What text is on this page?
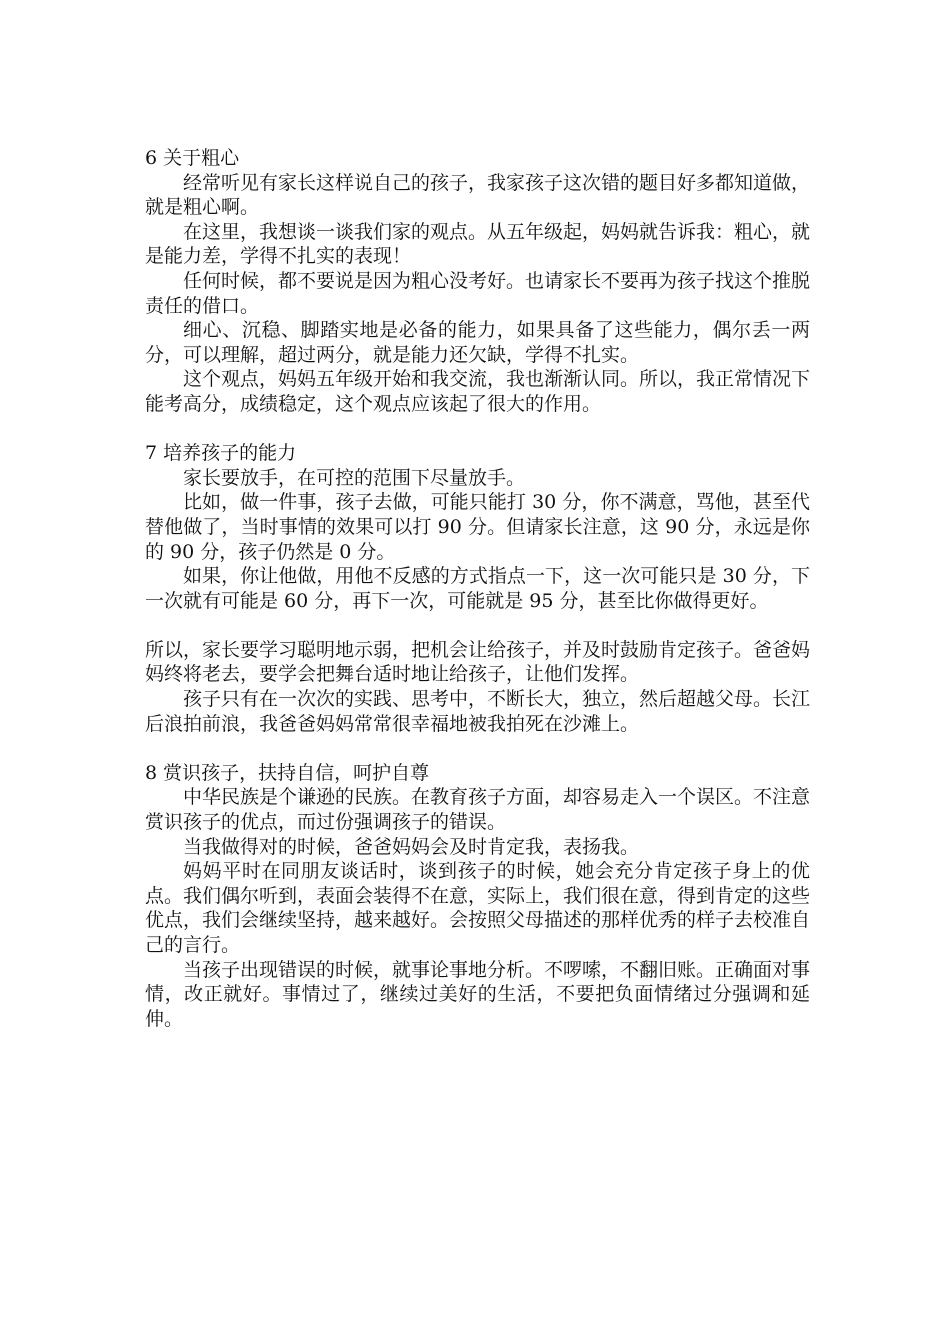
6 关于粗心

经常听见有家长这样说自己的孩子，我家孩子这次错的题目好多都知道做，就是粗心啊。

在这里，我想谈一谈我们家的观点。从五年级起，妈妈就告诉我：粗心，就是能力差，学得不扎实的表现！

任何时候，都不要说是因为粗心没考好。也请家长不要再为孩子找这个推脱责任的借口。

细心、沉稳、脚踏实地是必备的能力，如果具备了这些能力，偶尔丢一两分，可以理解，超过两分，就是能力还欠缺，学得不扎实。

这个观点，妈妈五年级开始和我交流，我也渐渐认同。所以，我正常情况下能考高分，成绩稳定，这个观点应该起了很大的作用。

7 培养孩子的能力

家长要放手，在可控的范围下尽量放手。

比如，做一件事，孩子去做，可能只能打 30 分，你不满意，骂他，甚至代替他做了，当时事情的效果可以打 90 分。但请家长注意，这 90 分，永远是你的 90 分，孩子仍然是 0 分。

如果，你让他做，用他不反感的方式指点一下，这一次可能只是 30 分，下一次就有可能是 60 分，再下一次，可能就是 95 分，甚至比你做得更好。

所以，家长要学习聪明地示弱，把机会让给孩子，并及时鼓励肯定孩子。爸爸妈妈终将老去，要学会把舞台适时地让给孩子，让他们发挥。

孩子只有在一次次的实践、思考中，不断长大，独立，然后超越父母。长江后浪拍前浪，我爸爸妈妈常常很幸福地被我拍死在沙滩上。

8 赏识孩子，扶持自信，呵护自尊

中华民族是个谦逊的民族。在教育孩子方面，却容易走入一个误区。不注意赏识孩子的优点，而过份强调孩子的错误。

当我做得对的时候，爸爸妈妈会及时肯定我，表扬我。

妈妈平时在同朋友谈话时，谈到孩子的时候，她会充分肯定孩子身上的优点。我们偶尔听到，表面会装得不在意，实际上，我们很在意，得到肯定的这些优点，我们会继续坚持，越来越好。会按照父母描述的那样优秀的样子去校准自己的言行。

当孩子出现错误的时候，就事论事地分析。不啰嗦，不翻旧账。正确面对事情，改正就好。事情过了，继续过美好的生活，不要把负面情绪过分强调和延伸。
